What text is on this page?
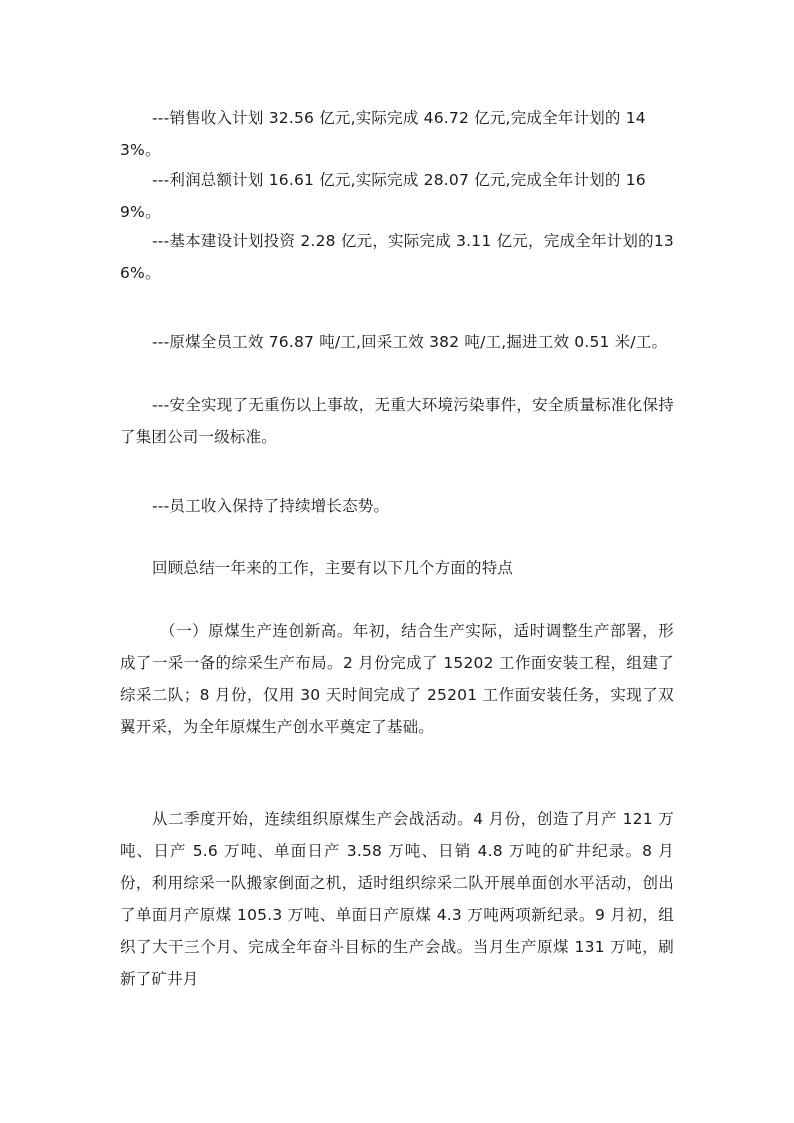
---销售收入计划 32.56 亿元,实际完成 46.72 亿元,完成全年计划的 143%。

---利润总额计划 16.61 亿元,实际完成 28.07 亿元,完成全年计划的 169%。

---基本建设计划投资 2.28 亿元，实际完成 3.11 亿元，完成全年计划的136%。

---原煤全员工效 76.87 吨/工,回采工效 382 吨/工,掘进工效 0.51 米/工。

---安全实现了无重伤以上事故，无重大环境污染事件，安全质量标准化保持了集团公司一级标准。

---员工收入保持了持续增长态势。

回顾总结一年来的工作，主要有以下几个方面的特点

（一）原煤生产连创新高。年初，结合生产实际，适时调整生产部署，形成了一采一备的综采生产布局。2 月份完成了 15202 工作面安装工程，组建了综采二队；8 月份，仅用 30 天时间完成了 25201 工作面安装任务，实现了双翼开采，为全年原煤生产创水平奠定了基础。

从二季度开始，连续组织原煤生产会战活动。4 月份，创造了月产 121 万吨、日产 5.6 万吨、单面日产 3.58 万吨、日销 4.8 万吨的矿井纪录。8 月份，利用综采一队搬家倒面之机，适时组织综采二队开展单面创水平活动，创出了单面月产原煤 105.3 万吨、单面日产原煤 4.3 万吨两项新纪录。9 月初，组织了大干三个月、完成全年奋斗目标的生产会战。当月生产原煤 131 万吨，刷新了矿井月
